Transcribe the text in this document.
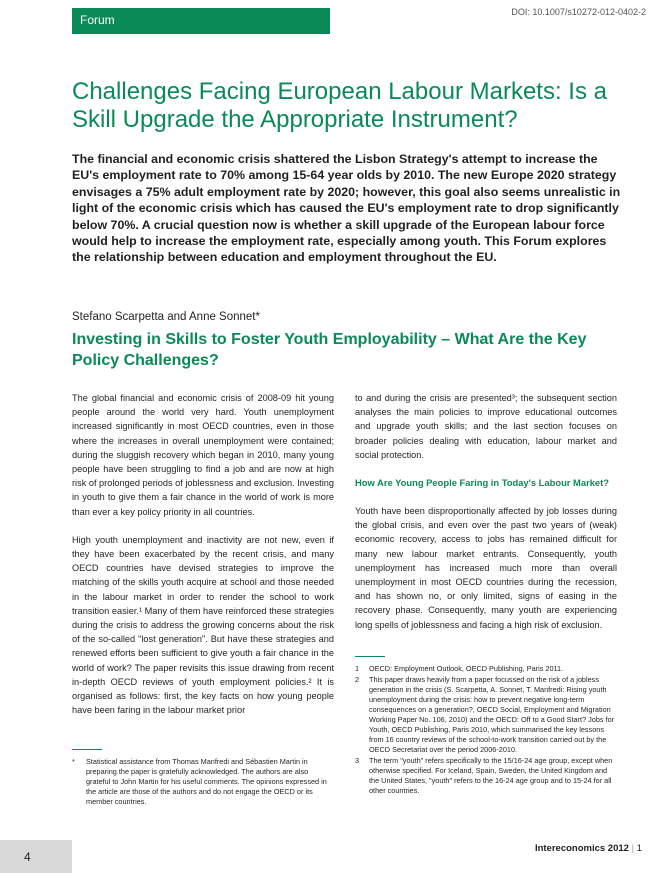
Forum
DOI: 10.1007/s10272-012-0402-2
Challenges Facing European Labour Markets: Is a Skill Upgrade the Appropriate Instrument?

The financial and economic crisis shattered the Lisbon Strategy's attempt to increase the EU's employment rate to 70% among 15-64 year olds by 2010. The new Europe 2020 strategy envisages a 75% adult employment rate by 2020; however, this goal also seems unrealistic in light of the economic crisis which has caused the EU's employment rate to drop significantly below 70%. A crucial question now is whether a skill upgrade of the European labour force would help to increase the employment rate, especially among youth. This Forum explores the relationship between education and employment throughout the EU.

Stefano Scarpetta and Anne Sonnet*
Investing in Skills to Foster Youth Employability – What Are the Key Policy Challenges?

The global financial and economic crisis of 2008-09 hit young people around the world very hard. Youth unemployment increased significantly in most OECD countries, even in those where the increases in overall unemployment were contained; during the sluggish recovery which began in 2010, many young people have been struggling to find a job and are now at high risk of prolonged periods of joblessness and exclusion. Investing in youth to give them a fair chance in the world of work is more than ever a key policy priority in all countries.

High youth unemployment and inactivity are not new, even if they have been exacerbated by the recent crisis, and many OECD countries have devised strategies to improve the matching of the skills youth acquire at school and those needed in the labour market in order to render the school to work transition easier.¹ Many of them have reinforced these strategies during the crisis to address the growing concerns about the risk of the so-called "lost generation". But have these strategies and renewed efforts been sufficient to give youth a fair chance in the world of work? The paper revisits this issue drawing from recent in-depth OECD reviews of youth employment policies.² It is organised as follows: first, the key facts on how young people have been faring in the labour market prior

to and during the crisis are presented³; the subsequent section analyses the main policies to improve educational outcomes and upgrade youth skills; and the last section focuses on broader policies dealing with education, labour market and social protection.

How Are Young People Faring in Today's Labour Market?

Youth have been disproportionally affected by job losses during the global crisis, and even over the past two years of (weak) economic recovery, access to jobs has remained difficult for many new labour market entrants. Consequently, youth unemployment has increased much more than overall unemployment in most OECD countries during the recession, and has shown no, or only limited, signs of easing in the recovery phase. Consequently, many youth are experiencing long spells of joblessness and facing a high risk of exclusion.

*	Statistical assistance from Thomas Manfredi and Sébastien Martin in preparing the paper is gratefully acknowledged. The authors are also grateful to John Martin for his useful comments. The opinions expressed in the article are those of the authors and do not engage the OECD or its member countries.
1	OECD: Employment Outlook, OECD Publishing, Paris 2011.
2	This paper draws heavily from a paper focussed on the risk of a jobless generation in the crisis (S. Scarpetta, A. Sonnet, T. Manfredi: Rising youth unemployment during the crisis: how to prevent negative long-term consequences on a generation?, OECD Social, Employment and Migration Working Paper No. 106, 2010) and the OECD: Off to a Good Start? Jobs for Youth, OECD Publishing, Paris 2010, which summarised the key lessons from 16 country reviews of the school-to-work transition carried out by the OECD Secretariat over the period 2006-2010.
3	The term "youth" refers specifically to the 15/16-24 age group, except when otherwise specified. For Iceland, Spain, Sweden, the United Kingdom and the United States, "youth" refers to the 16-24 age group and to 15-24 for all other countries.
4
Intereconomics 2012 | 1
